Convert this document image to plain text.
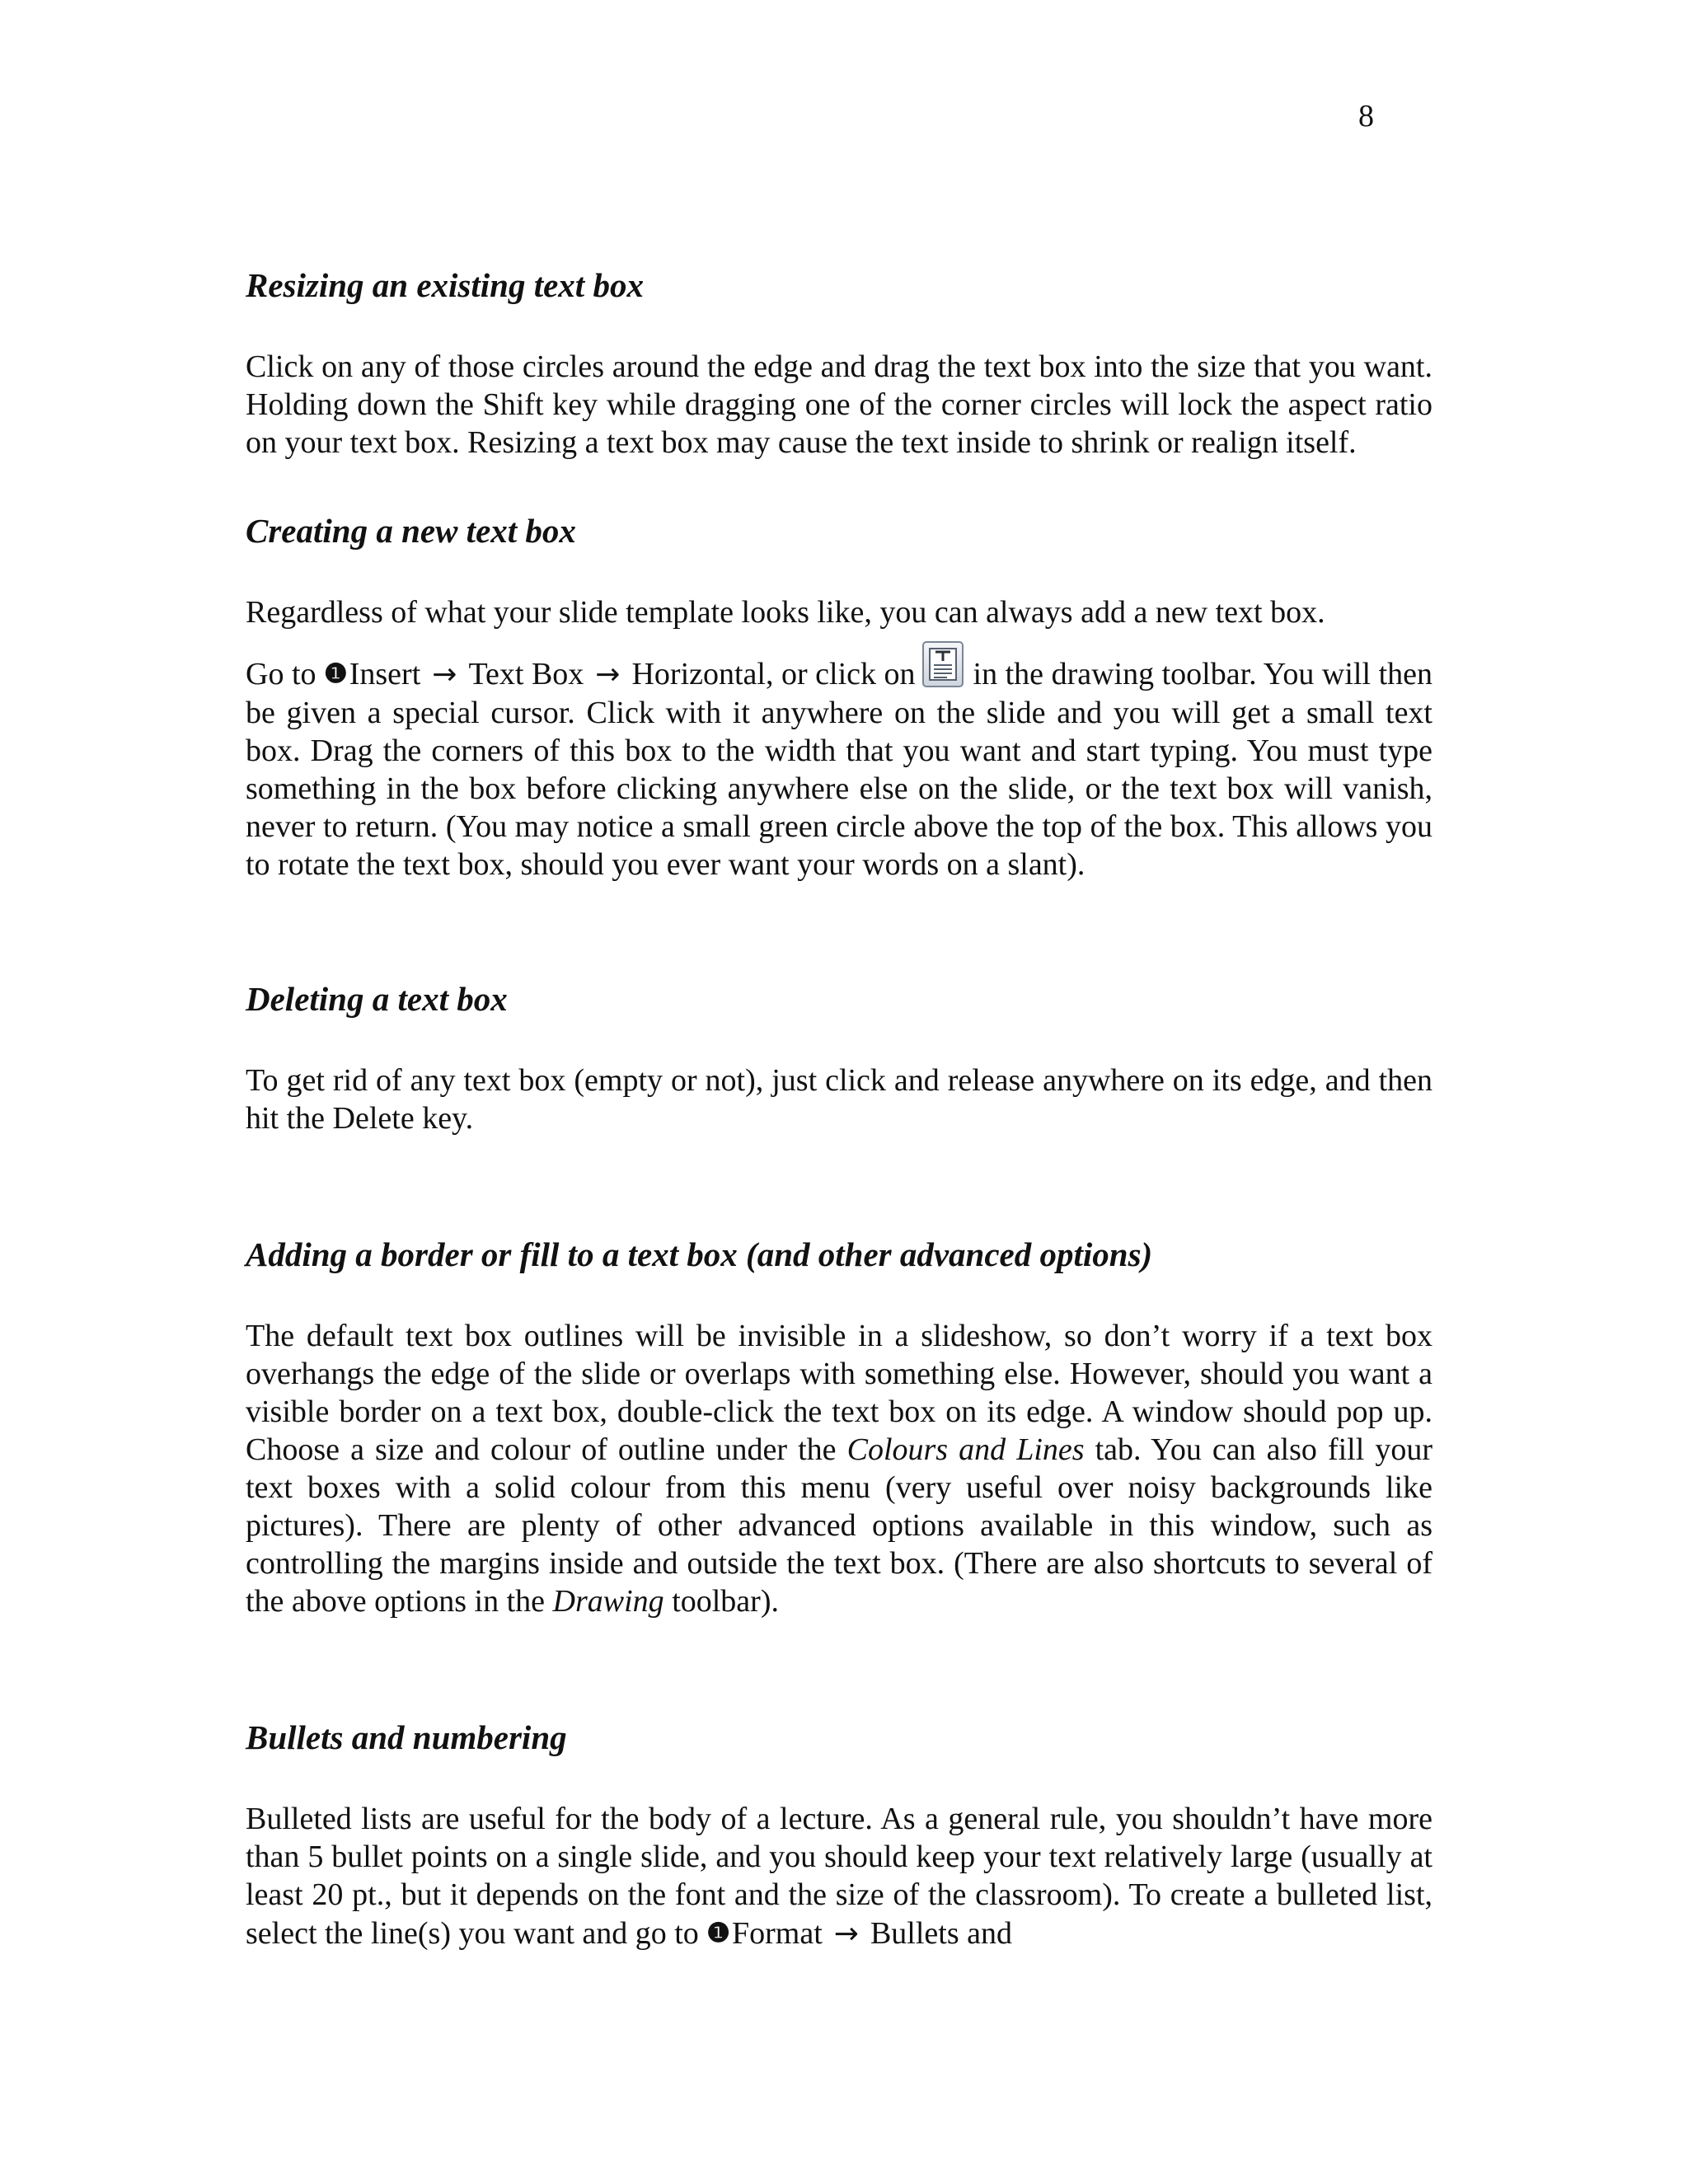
8
Resizing an existing text box

Click on any of those circles around the edge and drag the text box into the size that you want. Holding down the Shift key while dragging one of the corner circles will lock the aspect ratio on your text box. Resizing a text box may cause the text inside to shrink or realign itself.

Creating a new text box

Regardless of what your slide template looks like, you can always add a new text box.

Go to ❶Insert → Text Box → Horizontal, or click on in the drawing toolbar. You will then be given a special cursor. Click with it anywhere on the slide and you will get a small text box. Drag the corners of this box to the width that you want and start typing. You must type something in the box before clicking anywhere else on the slide, or the text box will vanish, never to return. (You may notice a small green circle above the top of the box. This allows you to rotate the text box, should you ever want your words on a slant).

Deleting a text box

To get rid of any text box (empty or not), just click and release anywhere on its edge, and then hit the Delete key.

Adding a border or fill to a text box (and other advanced options)

The default text box outlines will be invisible in a slideshow, so don’t worry if a text box overhangs the edge of the slide or overlaps with something else. However, should you want a visible border on a text box, double-click the text box on its edge. A window should pop up. Choose a size and colour of outline under the Colours and Lines tab. You can also fill your text boxes with a solid colour from this menu (very useful over noisy backgrounds like pictures). There are plenty of other advanced options available in this window, such as controlling the margins inside and outside the text box. (There are also shortcuts to several of the above options in the Drawing toolbar).

Bullets and numbering

Bulleted lists are useful for the body of a lecture. As a general rule, you shouldn’t have more than 5 bullet points on a single slide, and you should keep your text relatively large (usually at least 20 pt., but it depends on the font and the size of the classroom). To create a bulleted list, select the line(s) you want and go to ❶Format → Bullets and
